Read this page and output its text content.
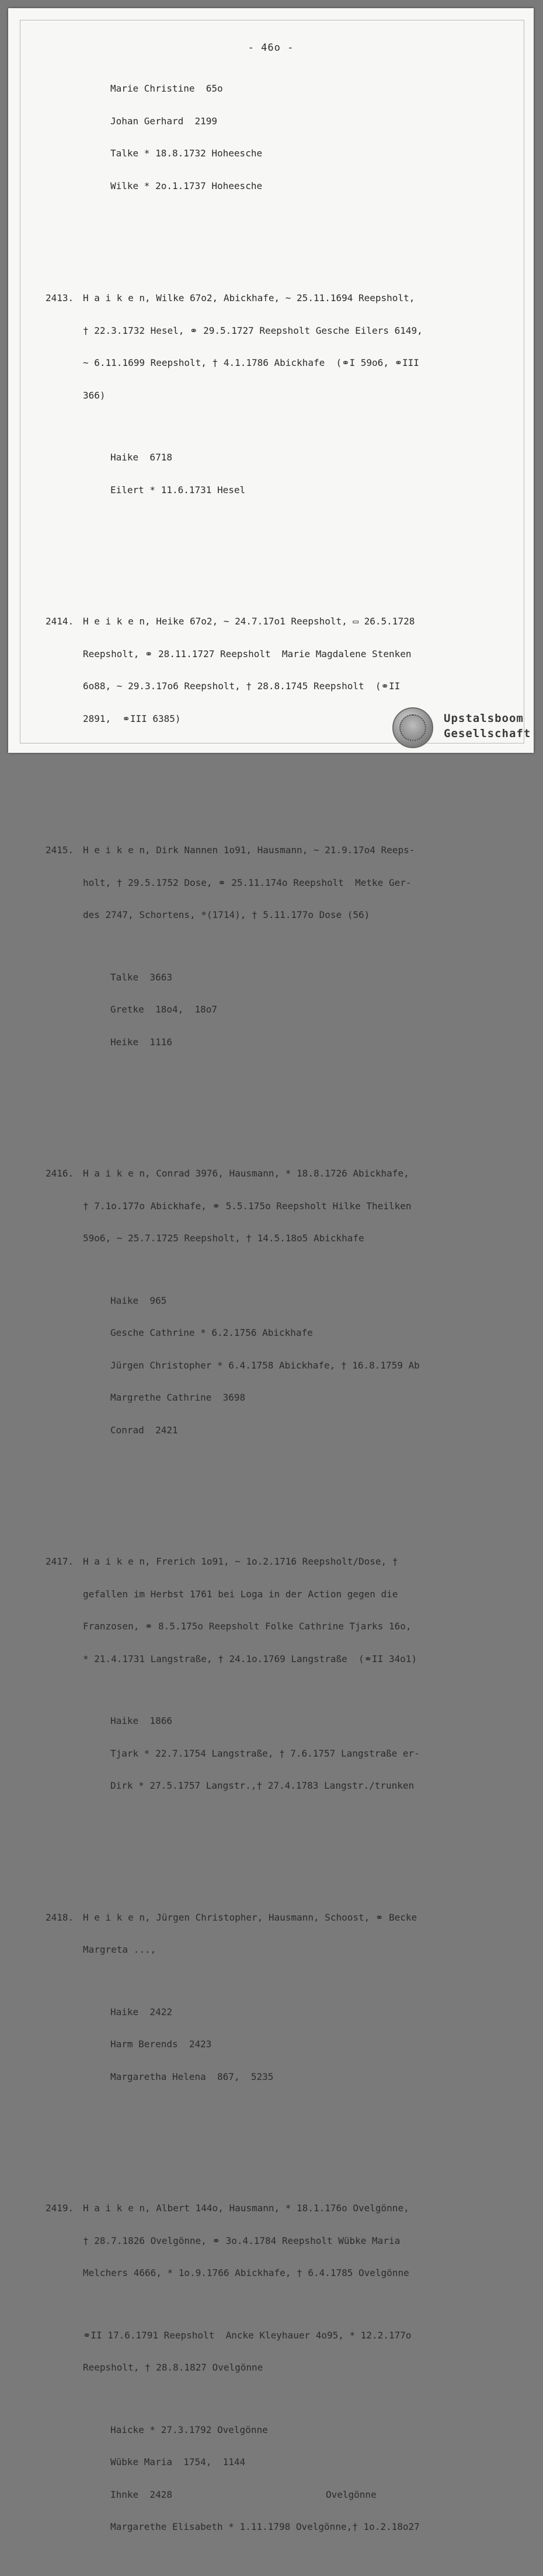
- 46o -

Marie Christine  65o

Johan Gerhard  2199

Talke * 18.8.1732 Hoheesche

Wilke * 2o.1.1737 Hoheesche

2413. H a i k e n, Wilke 67o2, Abickhafe, ~ 25.11.1694 Reepsholt,

† 22.3.1732 Hesel, ⚭ 29.5.1727 Reepsholt Gesche Eilers 6149,

~ 6.11.1699 Reepsholt, † 4.1.1786 Abickhafe  (⚭I 59o6, ⚭III

366)

Haike  6718

Eilert * 11.6.1731 Hesel

2414. H e i k e n, Heike 67o2, ~ 24.7.17o1 Reepsholt, ▭ 26.5.1728

Reepsholt, ⚭ 28.11.1727 Reepsholt  Marie Magdalene Stenken

6o88, ~ 29.3.17o6 Reepsholt, † 28.8.1745 Reepsholt  (⚭II

2891,  ⚭III 6385)

2415. H e i k e n, Dirk Nannen 1o91, Hausmann, ~ 21.9.17o4 Reeps-

holt, † 29.5.1752 Dose, ⚭ 25.11.174o Reepsholt  Metke Ger-

des 2747, Schortens, *(1714), † 5.11.177o Dose (56)

Talke  3663

Gretke  18o4,  18o7

Heike  1116

2416. H a i k e n, Conrad 3976, Hausmann, * 18.8.1726 Abickhafe,

† 7.1o.177o Abickhafe, ⚭ 5.5.175o Reepsholt Hilke Theilken

59o6, ~ 25.7.1725 Reepsholt, † 14.5.18o5 Abickhafe

Haike  965

Gesche Cathrine * 6.2.1756 Abickhafe

Jürgen Christopher * 6.4.1758 Abickhafe, † 16.8.1759 Ab

Margrethe Cathrine  3698

Conrad  2421

2417. H a i k e n, Frerich 1o91, ~ 1o.2.1716 Reepsholt/Dose, †

gefallen im Herbst 1761 bei Loga in der Action gegen die

Franzosen, ⚭ 8.5.175o Reepsholt Folke Cathrine Tjarks 16o,

* 21.4.1731 Langstraße, † 24.1o.1769 Langstraße  (⚭II 34o1)

Haike  1866

Tjark * 22.7.1754 Langstraße, † 7.6.1757 Langstraße er-

Dirk * 27.5.1757 Langstr.,† 27.4.1783 Langstr./trunken

2418. H e i k e n, Jürgen Christopher, Hausmann, Schoost, ⚭ Becke

Margreta ...,

Haike  2422

Harm Berends  2423

Margaretha Helena  867,  5235

2419. H a i k e n, Albert 144o, Hausmann, * 18.1.176o Ovelgönne,

† 28.7.1826 Ovelgönne, ⚭ 3o.4.1784 Reepsholt Wübke Maria

Melchers 4666, * 1o.9.1766 Abickhafe, † 6.4.1785 Ovelgönne

⚭II 17.6.1791 Reepsholt  Ancke Kleyhauer 4o95, * 12.2.177o

Reepsholt, † 28.8.1827 Ovelgönne

Haicke * 27.3.1792 Ovelgönne

Wübke Maria  1754,  1144

Ihnke  2428	Ovelgönne

Margarethe Elisabeth * 1.11.1798 Ovelgönne,† 1o.2.18o27

Upstalsboom
Gesellschaft
